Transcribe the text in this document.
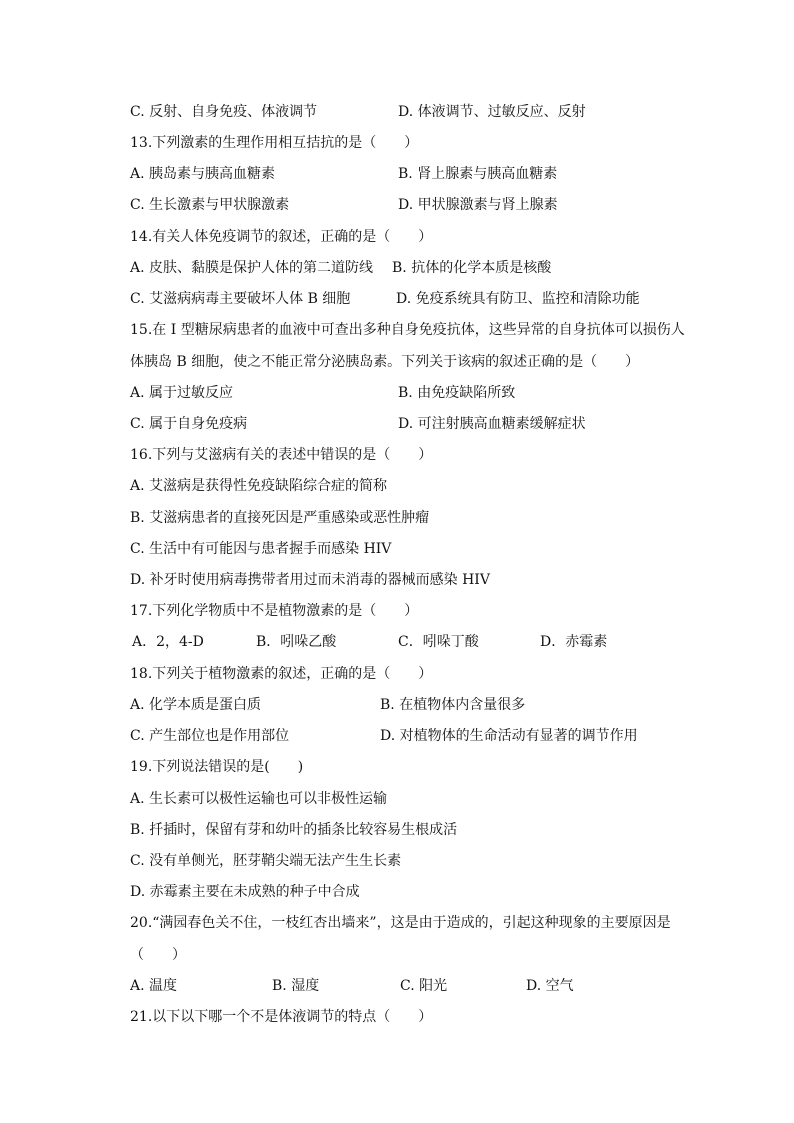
C. 反射、自身免疫、体液调节	D. 体液调节、过敏反应、反射
13.下列激素的生理作用相互拮抗的是（　　）
A. 胰岛素与胰高血糖素	B. 肾上腺素与胰高血糖素
C. 生长激素与甲状腺激素	D. 甲状腺激素与肾上腺素
14.有关人体免疫调节的叙述，正确的是（　　）
A. 皮肤、黏膜是保护人体的第二道防线 B. 抗体的化学本质是核酸
C. 艾滋病病毒主要破坏人体 B 细胞	D. 免疫系统具有防卫、监控和清除功能
15.在 I 型糖尿病患者的血液中可查出多种自身免疫抗体，这些异常的自身抗体可以损伤人
体胰岛 B 细胞，使之不能正常分泌胰岛素。下列关于该病的叙述正确的是（　　）
A. 属于过敏反应	B. 由免疫缺陷所致
C. 属于自身免疫病	D. 可注射胰高血糖素缓解症状
16.下列与艾滋病有关的表述中错误的是（　　）
A. 艾滋病是获得性免疫缺陷综合症的简称
B. 艾滋病患者的直接死因是严重感染或恶性肿瘤
C. 生活中有可能因与患者握手而感染 HIV
D. 补牙时使用病毒携带者用过而未消毒的器械而感染 HIV
17.下列化学物质中不是植物激素的是（　　）
A．2，4-D	B．吲哚乙酸	C．吲哚丁酸	D．赤霉素
18.下列关于植物激素的叙述，正确的是（　　）
A. 化学本质是蛋白质	B. 在植物体内含量很多
C. 产生部位也是作用部位	D. 对植物体的生命活动有显著的调节作用
19.下列说法错误的是(　　)
A. 生长素可以极性运输也可以非极性运输
B. 扦插时，保留有芽和幼叶的插条比较容易生根成活
C. 没有单侧光，胚芽鞘尖端无法产生生长素
D. 赤霉素主要在未成熟的种子中合成
20.“满园春色关不住，一枝红杏出墙来”，这是由于造成的，引起这种现象的主要原因是
（　　）
A. 温度	B. 湿度	C. 阳光	D. 空气
21.以下以下哪一个不是体液调节的特点（　　）
